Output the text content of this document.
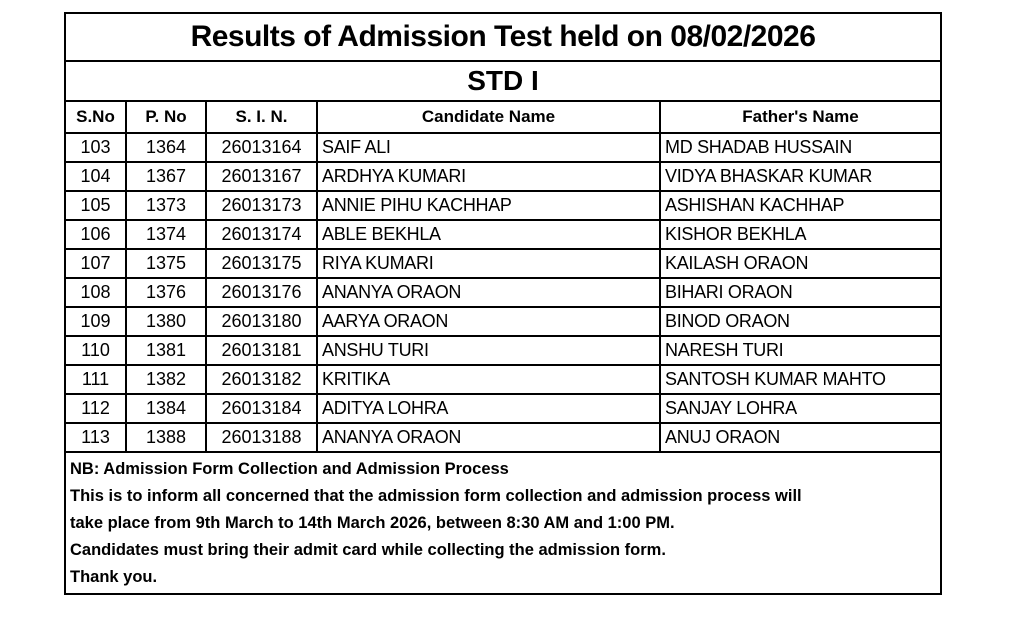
Results of Admission Test held on 08/02/2026				
STD I				
S.No	P. No	S. I. N.	Candidate Name	Father's Name
103	1364	26013164	SAIF ALI	MD SHADAB HUSSAIN
104	1367	26013167	ARDHYA KUMARI	VIDYA BHASKAR KUMAR
105	1373	26013173	ANNIE PIHU KACHHAP	ASHISHAN KACHHAP
106	1374	26013174	ABLE BEKHLA	KISHOR BEKHLA
107	1375	26013175	RIYA KUMARI	KAILASH ORAON
108	1376	26013176	ANANYA ORAON	BIHARI ORAON
109	1380	26013180	AARYA ORAON	BINOD ORAON
110	1381	26013181	ANSHU TURI	NARESH TURI
111	1382	26013182	KRITIKA	SANTOSH KUMAR MAHTO
112	1384	26013184	ADITYA LOHRA	SANJAY LOHRA
113	1388	26013188	ANANYA ORAON	ANUJ ORAON

NB: Admission Form Collection and Admission Process
This is to inform all concerned that the admission form collection and admission process will
take place from 9th March to 14th March 2026, between 8:30 AM and 1:00 PM.
Candidates must bring their admit card while collecting the admission form.
Thank you.				
